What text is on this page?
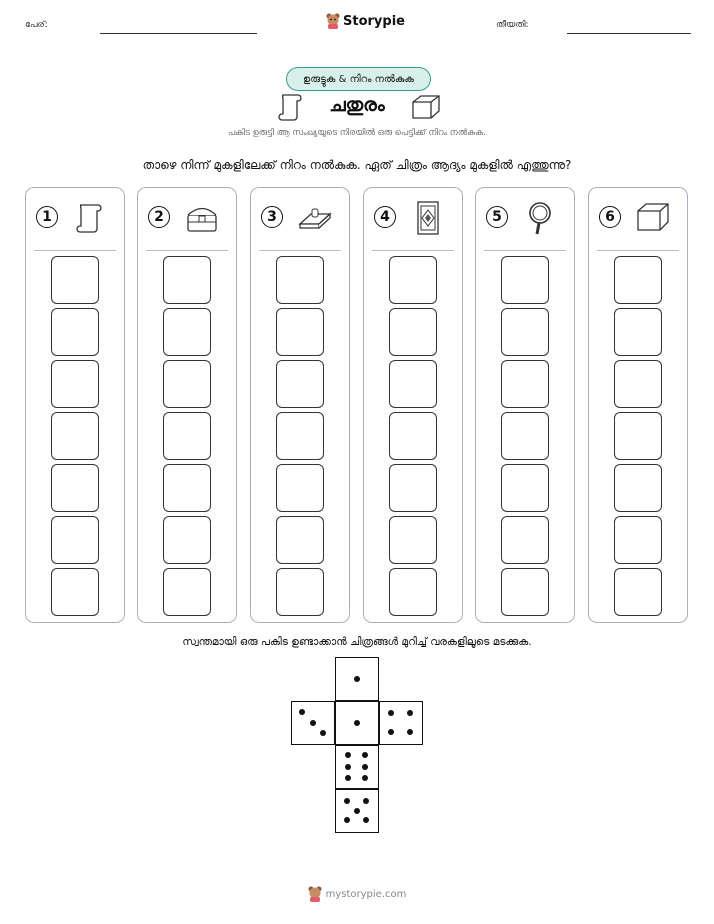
പേര്:	Storypie	തീയതി:
ഉരുട്ടുക & നിറം നൽകുക
ചതുരം
പകിട ഉരുട്ടി ആ സംഖ്യയുടെ നിരയിൽ ഒരു പെട്ടിക്ക് നിറം നൽകുക.
താഴെ നിന്ന് മുകളിലേക്ക് നിറം നൽകുക. ഏത് ചിത്രം ആദ്യം മുകളിൽ എത്തുന്നു?
1	2	3	4	5	6
സ്വന്തമായി ഒരു പകിട ഉണ്ടാക്കാൻ ചിത്രങ്ങൾ മുറിച്ച് വരകളിലൂടെ മടക്കുക.
mystorypie.com
